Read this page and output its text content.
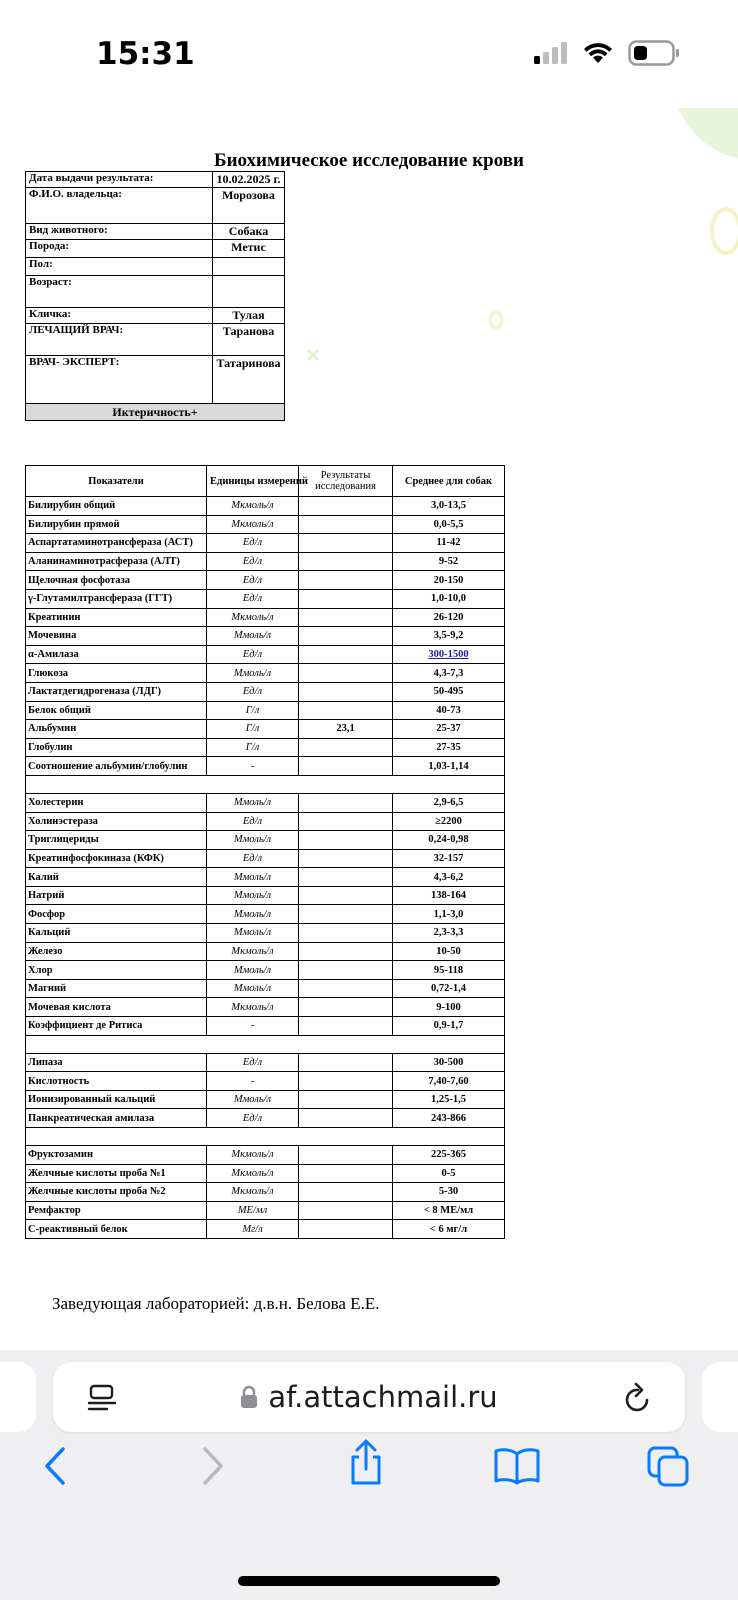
15:31
Биохимическое исследование крови
Дата выдачи результата:	10.02.2025 г.
Ф.И.О. владельца:	Морозова
Вид животного:	Собака
Порода:	Метис
Пол:	
Возраст:	
Кличка:	Тулая
ЛЕЧАЩИЙ ВРАЧ:	Таранова
ВРАЧ- ЭКСПЕРТ:	Татаринова
Иктеричность+	
Показатели	Единицы измерений	Результаты исследования	Среднее для собак
Билирубин общий	Мкмоль/л		3,0-13,5
Билирубин прямой	Мкмоль/л		0,0-5,5
Аспартатаминотрансфераза (АСТ)	Ед/л		11-42
Аланинаминотрасфераза (АЛТ)	Ед/л		9-52
Щелочная фосфотаза	Ед/л		20-150
γ-Глутамилтрансфераза (ГГТ)	Ед/л		1,0-10,0
Креатинин	Мкмоль/л		26-120
Мочевина	Ммоль/л		3,5-9,2
α-Амилаза	Ед/л		300-1500
Глюкоза	Ммоль/л		4,3-7,3
Лактатдегидрогеназа (ЛДГ)	Ед/л		50-495
Белок общий	Г/л		40-73
Альбумин	Г/л	23,1	25-37
Глобулин	Г/л		27-35
Соотношение альбумин/глобулин	-		1,03-1,14

Холестерин	Ммоль/л		2,9-6,5
Холинэстераза	Ед/л		≥2200
Триглицериды	Ммоль/л		0,24-0,98
Креатинфосфокиназа (КФК)	Ед/л		32-157
Калий	Ммоль/л		4,3-6,2
Натрий	Ммоль/л		138-164
Фосфор	Ммоль/л		1,1-3,0
Кальций	Ммоль/л		2,3-3,3
Железо	Мкмоль/л		10-50
Хлор	Ммоль/л		95-118
Магний	Ммоль/л		0,72-1,4
Мочевая кислота	Мкмоль/л		9-100
Коэффициент де Ритиса	-		0,9-1,7

Липаза	Ед/л		30-500
Кислотность	-		7,40-7,60
Ионизированный кальций	Ммоль/л		1,25-1,5
Панкреатическая амилаза	Ед/л		243-866

Фруктозамин	Мкмоль/л		225-365
Желчные кислоты проба №1	Мкмоль/л		0-5
Желчные кислоты проба №2	Мкмоль/л		5-30
Ремфактор	МЕ/мл		< 8 МЕ/мл
С-реактивный белок	Мг/л		< 6 мг/л
Заведующая лабораторией: д.в.н. Белова Е.Е.
af.attachmail.ru
